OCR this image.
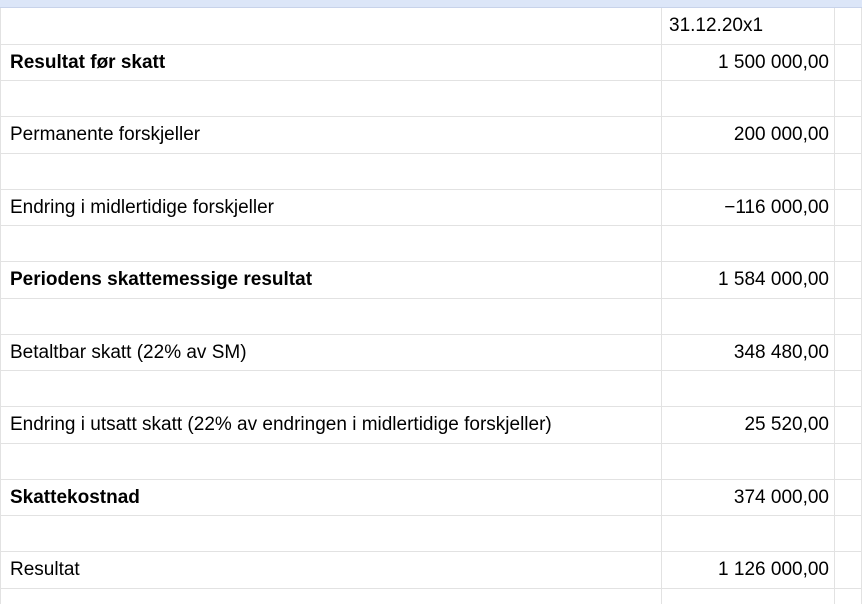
31.12.20x1
Resultat før skatt	1 500 000,00
Permanente forskjeller	200 000,00
Endring i midlertidige forskjeller	−116 000,00
Periodens skattemessige resultat	1 584 000,00
Betaltbar skatt (22% av SM)	348 480,00
Endring i utsatt skatt (22% av endringen i midlertidige forskjeller)	25 520,00
Skattekostnad	374 000,00
Resultat	1 126 000,00
